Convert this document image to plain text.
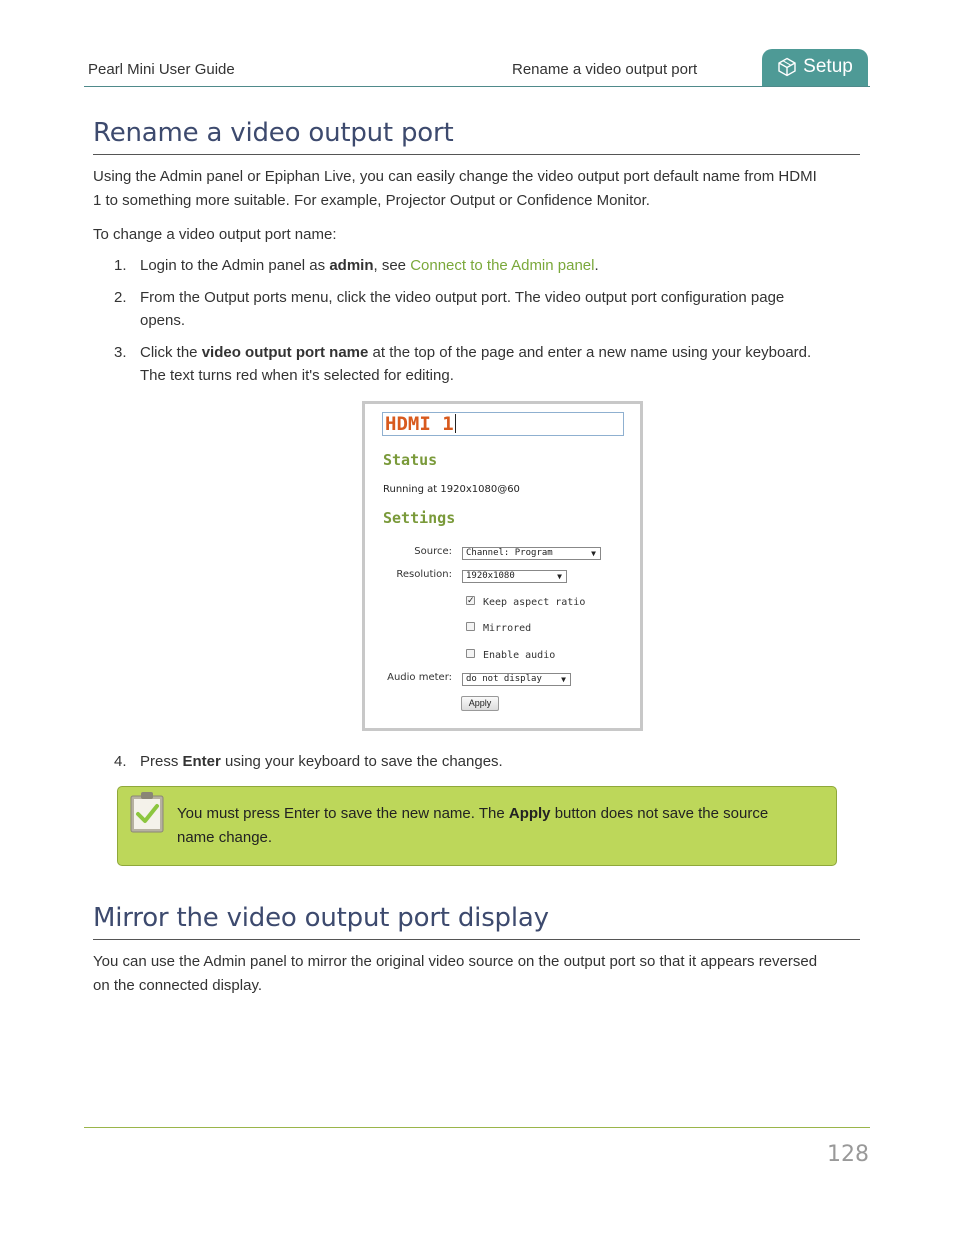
Pearl Mini User Guide	Rename a video output port	Setup
Rename a video output port
Using the Admin panel or Epiphan Live, you can easily change the video output port default name from HDMI
1 to something more suitable. For example, Projector Output or Confidence Monitor.
To change a video output port name:
1. Login to the Admin panel as admin, see Connect to the Admin panel.
2. From the Output ports menu, click the video output port. The video output port configuration page
opens.
3. Click the video output port name at the top of the page and enter a new name using your keyboard.
The text turns red when it's selected for editing.
HDMI 1
Status
Running at 1920x1080@60
Settings
Source:	Channel: Program	▼
Resolution:	1920x1080	▼
✓ Keep aspect ratio
Mirrored
Enable audio
Audio meter:	do not display ▼
Apply
4. Press Enter using your keyboard to save the changes.
You must press Enter to save the new name. The Apply button does not save the source
name change.
Mirror the video output port display
You can use the Admin panel to mirror the original video source on the output port so that it appears reversed
on the connected display.
128
